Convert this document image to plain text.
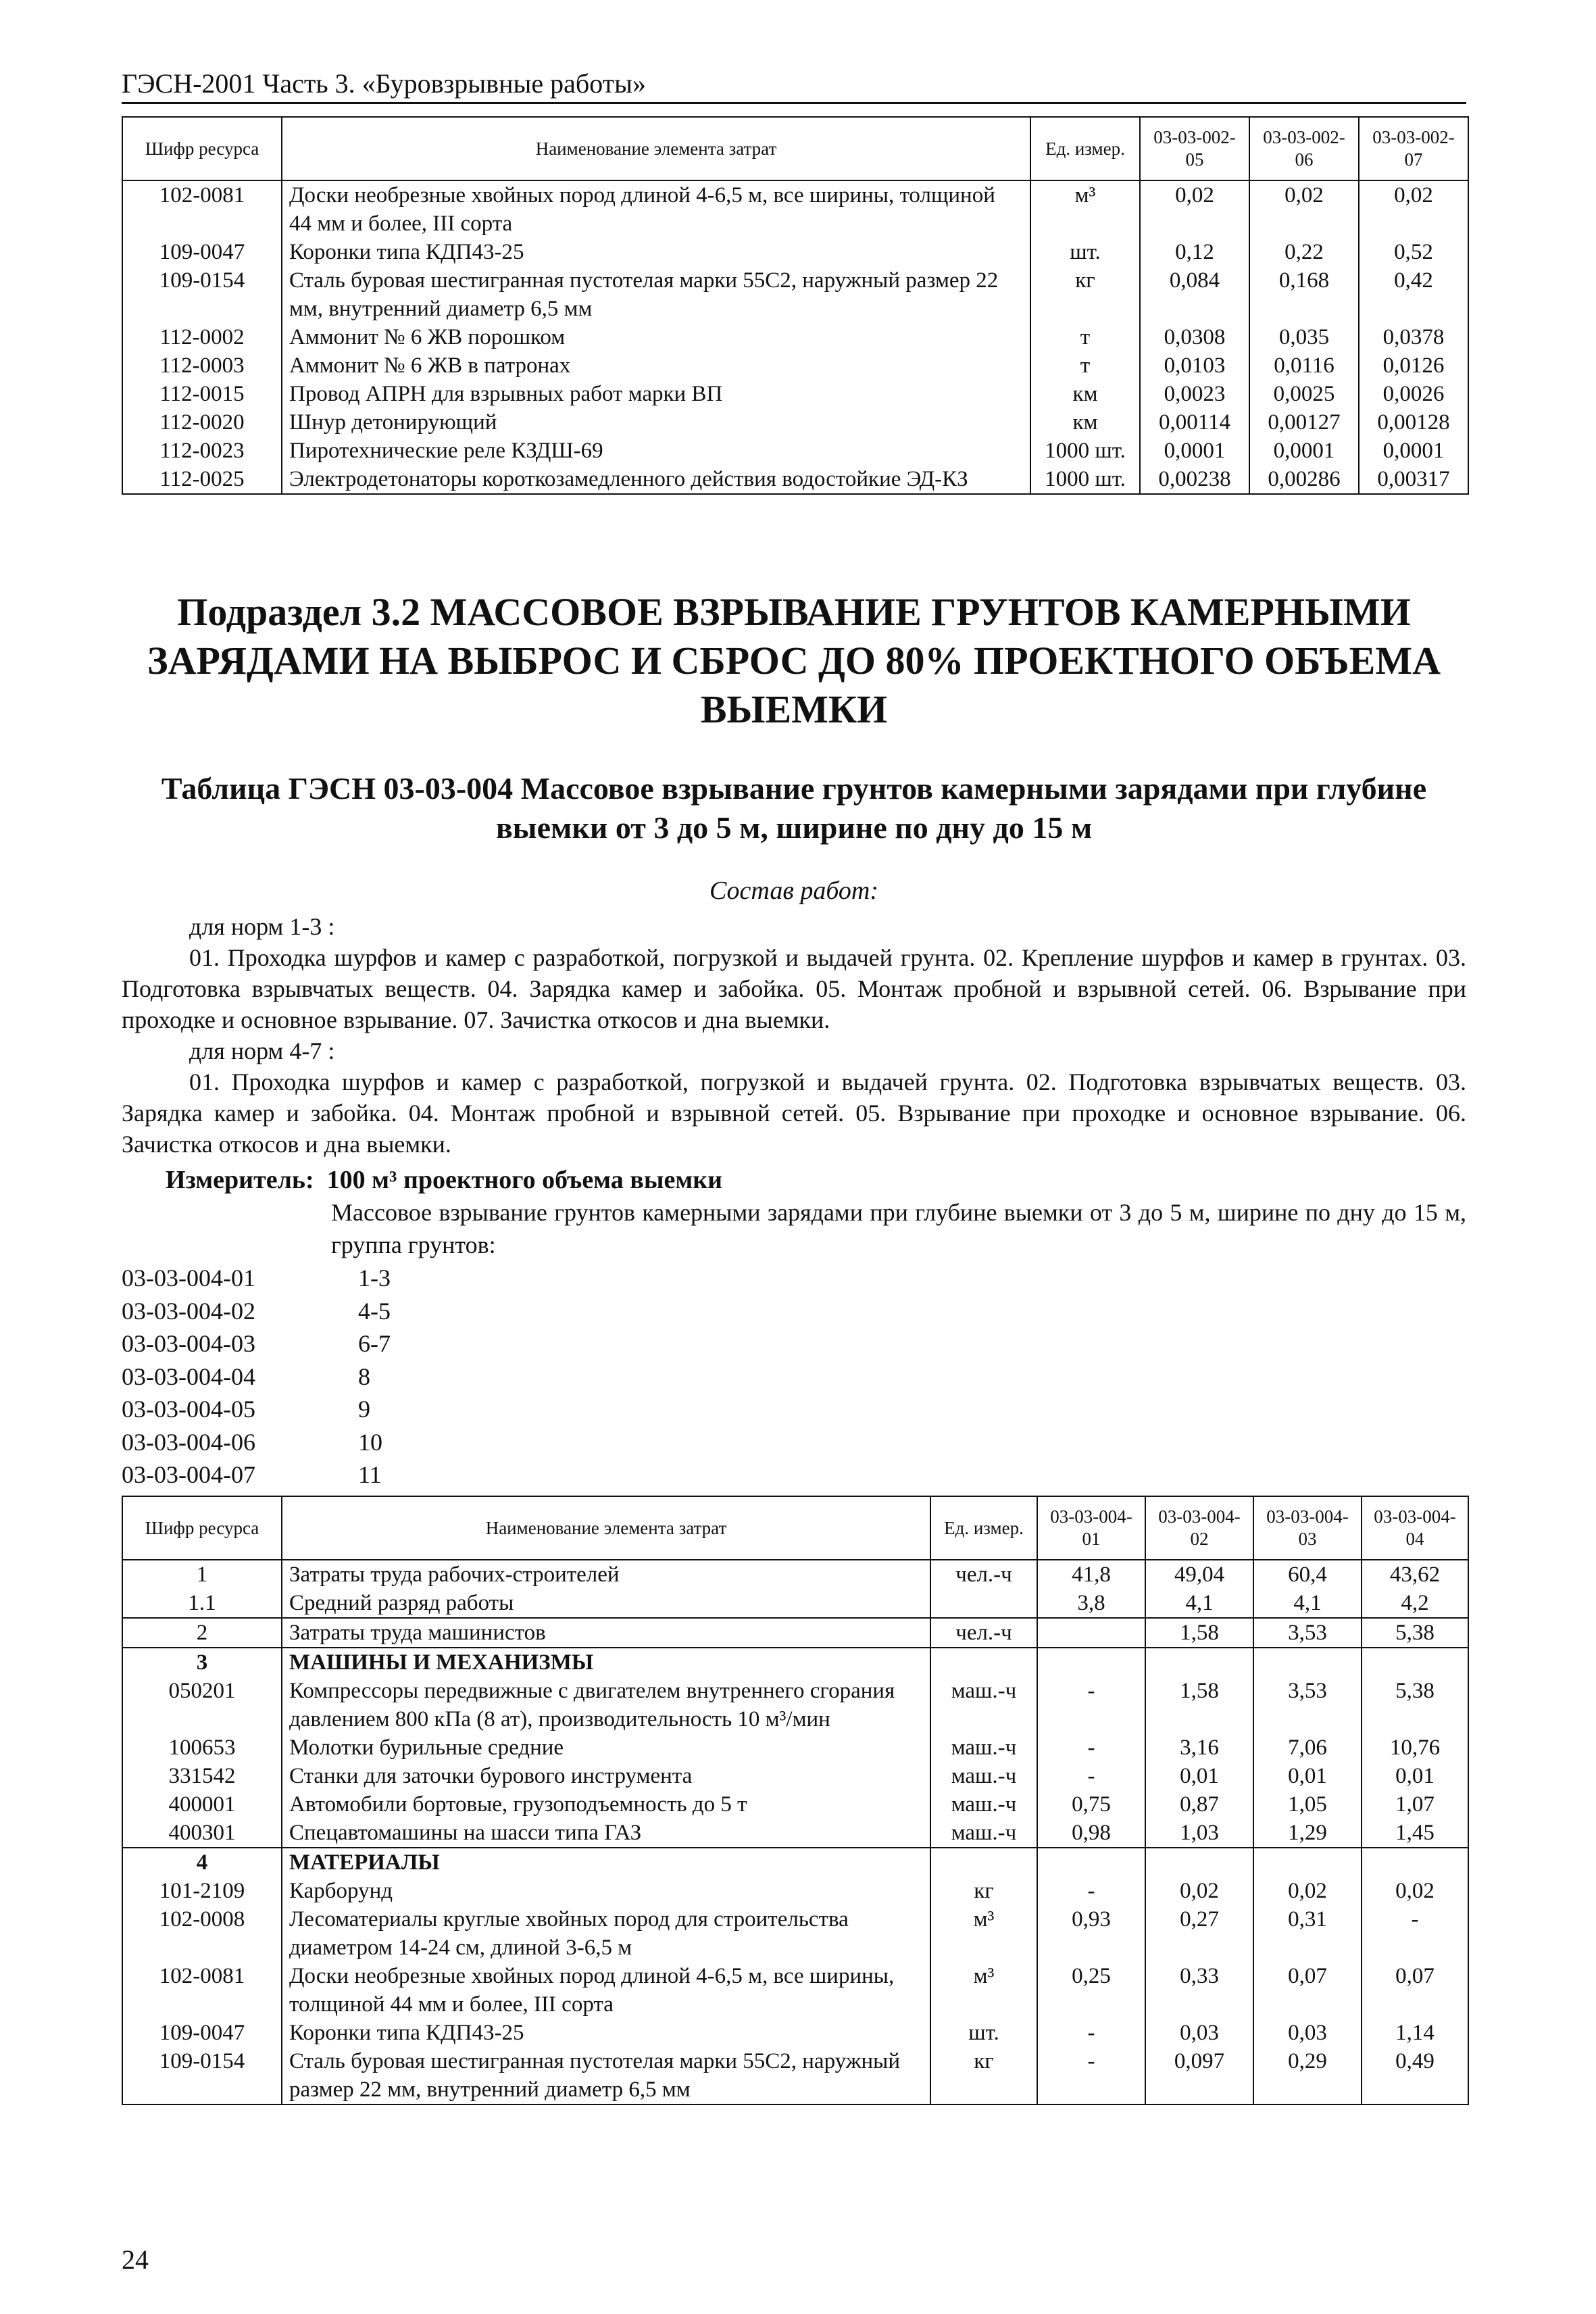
ГЭСН-2001 Часть 3. «Буровзрывные работы»
Шифр ресурса	Наименование элемента затрат	Ед. измер.	03-03-002-05	03-03-002-06	03-03-002-07
102-0081	Доски необрезные хвойных пород длиной 4-6,5 м, все ширины, толщиной 44 мм и более, III сорта	м³	0,02	0,02	0,02
109-0047	Коронки типа КДП43-25	шт.	0,12	0,22	0,52
109-0154	Сталь буровая шестигранная пустотелая марки 55С2, наружный размер 22 мм, внутренний диаметр 6,5 мм	кг	0,084	0,168	0,42
112-0002	Аммонит № 6 ЖВ порошком	т	0,0308	0,035	0,0378
112-0003	Аммонит № 6 ЖВ в патронах	т	0,0103	0,0116	0,0126
112-0015	Провод АПРН для взрывных работ марки ВП	км	0,0023	0,0025	0,0026
112-0020	Шнур детонирующий	км	0,00114	0,00127	0,00128
112-0023	Пиротехнические реле КЗДШ-69	1000 шт.	0,0001	0,0001	0,0001
112-0025	Электродетонаторы короткозамедленного действия водостойкие ЭД-КЗ	1000 шт.	0,00238	0,00286	0,00317
Подраздел 3.2 МАССОВОЕ ВЗРЫВАНИЕ ГРУНТОВ КАМЕРНЫМИ ЗАРЯДАМИ НА ВЫБРОС И СБРОС ДО 80% ПРОЕКТНОГО ОБЪЕМА ВЫЕМКИ
Таблица ГЭСН 03-03-004 Массовое взрывание грунтов камерными зарядами при глубине выемки от 3 до 5 м, ширине по дну до 15 м
Состав работ:
для норм 1-3 :
01. Проходка шурфов и камер с разработкой, погрузкой и выдачей грунта. 02. Крепление шурфов и камер в грунтах. 03. Подготовка взрывчатых веществ. 04. Зарядка камер и забойка. 05. Монтаж пробной и взрывной сетей. 06. Взрывание при проходке и основное взрывание. 07. Зачистка откосов и дна выемки.
для норм 4-7 :
01. Проходка шурфов и камер с разработкой, погрузкой и выдачей грунта. 02. Подготовка взрывчатых веществ. 03. Зарядка камер и забойка. 04. Монтаж пробной и взрывной сетей. 05. Взрывание при проходке и основное взрывание. 06. Зачистка откосов и дна выемки.
Измеритель: 100 м³ проектного объема выемки
Массовое взрывание грунтов камерными зарядами при глубине выемки от 3 до 5 м, ширине по дну до 15 м, группа грунтов:
03-03-004-01	1-3
03-03-004-02	4-5
03-03-004-03	6-7
03-03-004-04	8
03-03-004-05	9
03-03-004-06	10
03-03-004-07	11
Шифр ресурса	Наименование элемента затрат	Ед. измер.	03-03-004-01	03-03-004-02	03-03-004-03	03-03-004-04
1	Затраты труда рабочих-строителей	чел.-ч	41,8	49,04	60,4	43,62
1.1	Средний разряд работы		3,8	4,1	4,1	4,2
2	Затраты труда машинистов	чел.-ч		1,58	3,53	5,38
3	МАШИНЫ И МЕХАНИЗМЫ					
050201	Компрессоры передвижные с двигателем внутреннего сгорания давлением 800 кПа (8 ат), производительность 10 м³/мин	маш.-ч	-	1,58	3,53	5,38
100653	Молотки бурильные средние	маш.-ч	-	3,16	7,06	10,76
331542	Станки для заточки бурового инструмента	маш.-ч	-	0,01	0,01	0,01
400001	Автомобили бортовые, грузоподъемность до 5 т	маш.-ч	0,75	0,87	1,05	1,07
400301	Спецавтомашины на шасси типа ГАЗ	маш.-ч	0,98	1,03	1,29	1,45
4	МАТЕРИАЛЫ					
101-2109	Карборунд	кг	-	0,02	0,02	0,02
102-0008	Лесоматериалы круглые хвойных пород для строительства диаметром 14-24 см, длиной 3-6,5 м	м³	0,93	0,27	0,31	-
102-0081	Доски необрезные хвойных пород длиной 4-6,5 м, все ширины, толщиной 44 мм и более, III сорта	м³	0,25	0,33	0,07	0,07
109-0047	Коронки типа КДП43-25	шт.	-	0,03	0,03	1,14
109-0154	Сталь буровая шестигранная пустотелая марки 55С2, наружный размер 22 мм, внутренний диаметр 6,5 мм	кг	-	0,097	0,29	0,49
24
